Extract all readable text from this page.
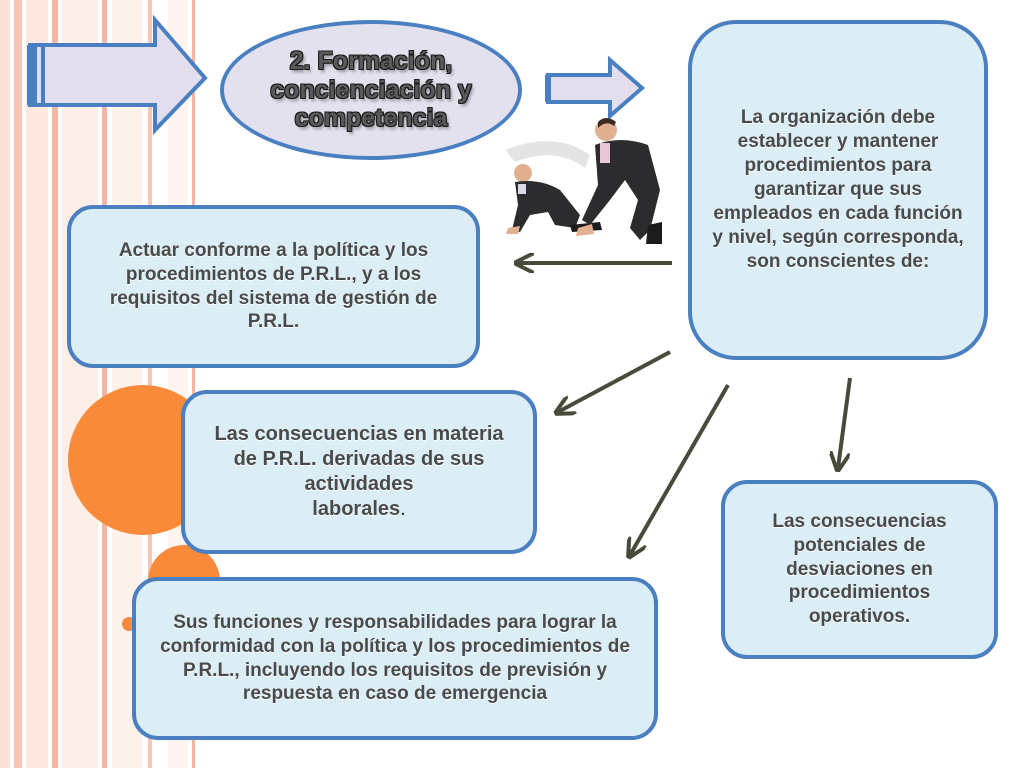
2. Formación, concienciación y competencia	La organización debe establecer y mantener procedimientos para garantizar que sus empleados en cada función y nivel, según corresponda, son conscientes de:
Actuar conforme a la política y los procedimientos de P.R.L., y a los requisitos del sistema de gestión de P.R.L.
Las consecuencias en materia de P.R.L. derivadas de sus actividades
laborales.
Las consecuencias potenciales de desviaciones en procedimientos operativos.
Sus funciones y responsabilidades para lograr la conformidad con la política y los procedimientos de P.R.L., incluyendo los requisitos de previsión y respuesta en caso de emergencia
